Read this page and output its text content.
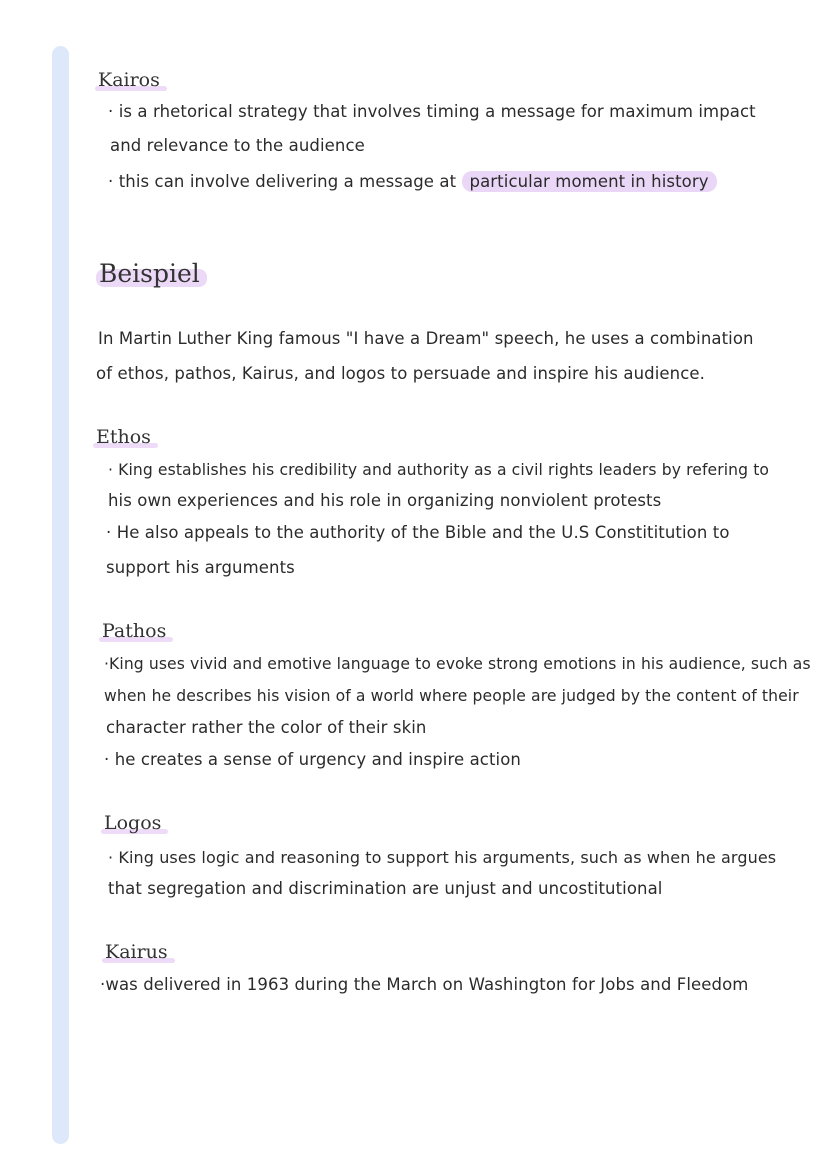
Kairos
· is a rhetorical strategy that involves timing a message for maximum impact
and relevance to the audience
· this can involve delivering a message at particular moment in history
Beispiel
In Martin Luther King famous "I have a Dream" speech, he uses a combination
of ethos, pathos, Kairus, and logos to persuade and inspire his audience.
Ethos
· King establishes his credibility and authority as a civil rights leaders by refering to
his own experiences and his role in organizing nonviolent protests
· He also appeals to the authority of the Bible and the U.S Constititution to
support his arguments
Pathos
·King uses vivid and emotive language to evoke strong emotions in his audience, such as
when he describes his vision of a world where people are judged by the content of their
character rather the color of their skin
· he creates a sense of urgency and inspire action
Logos
· King uses logic and reasoning to support his arguments, such as when he argues
that segregation and discrimination are unjust and uncostitutional
Kairus
·was delivered in 1963 during the March on Washington for Jobs and Fleedom
